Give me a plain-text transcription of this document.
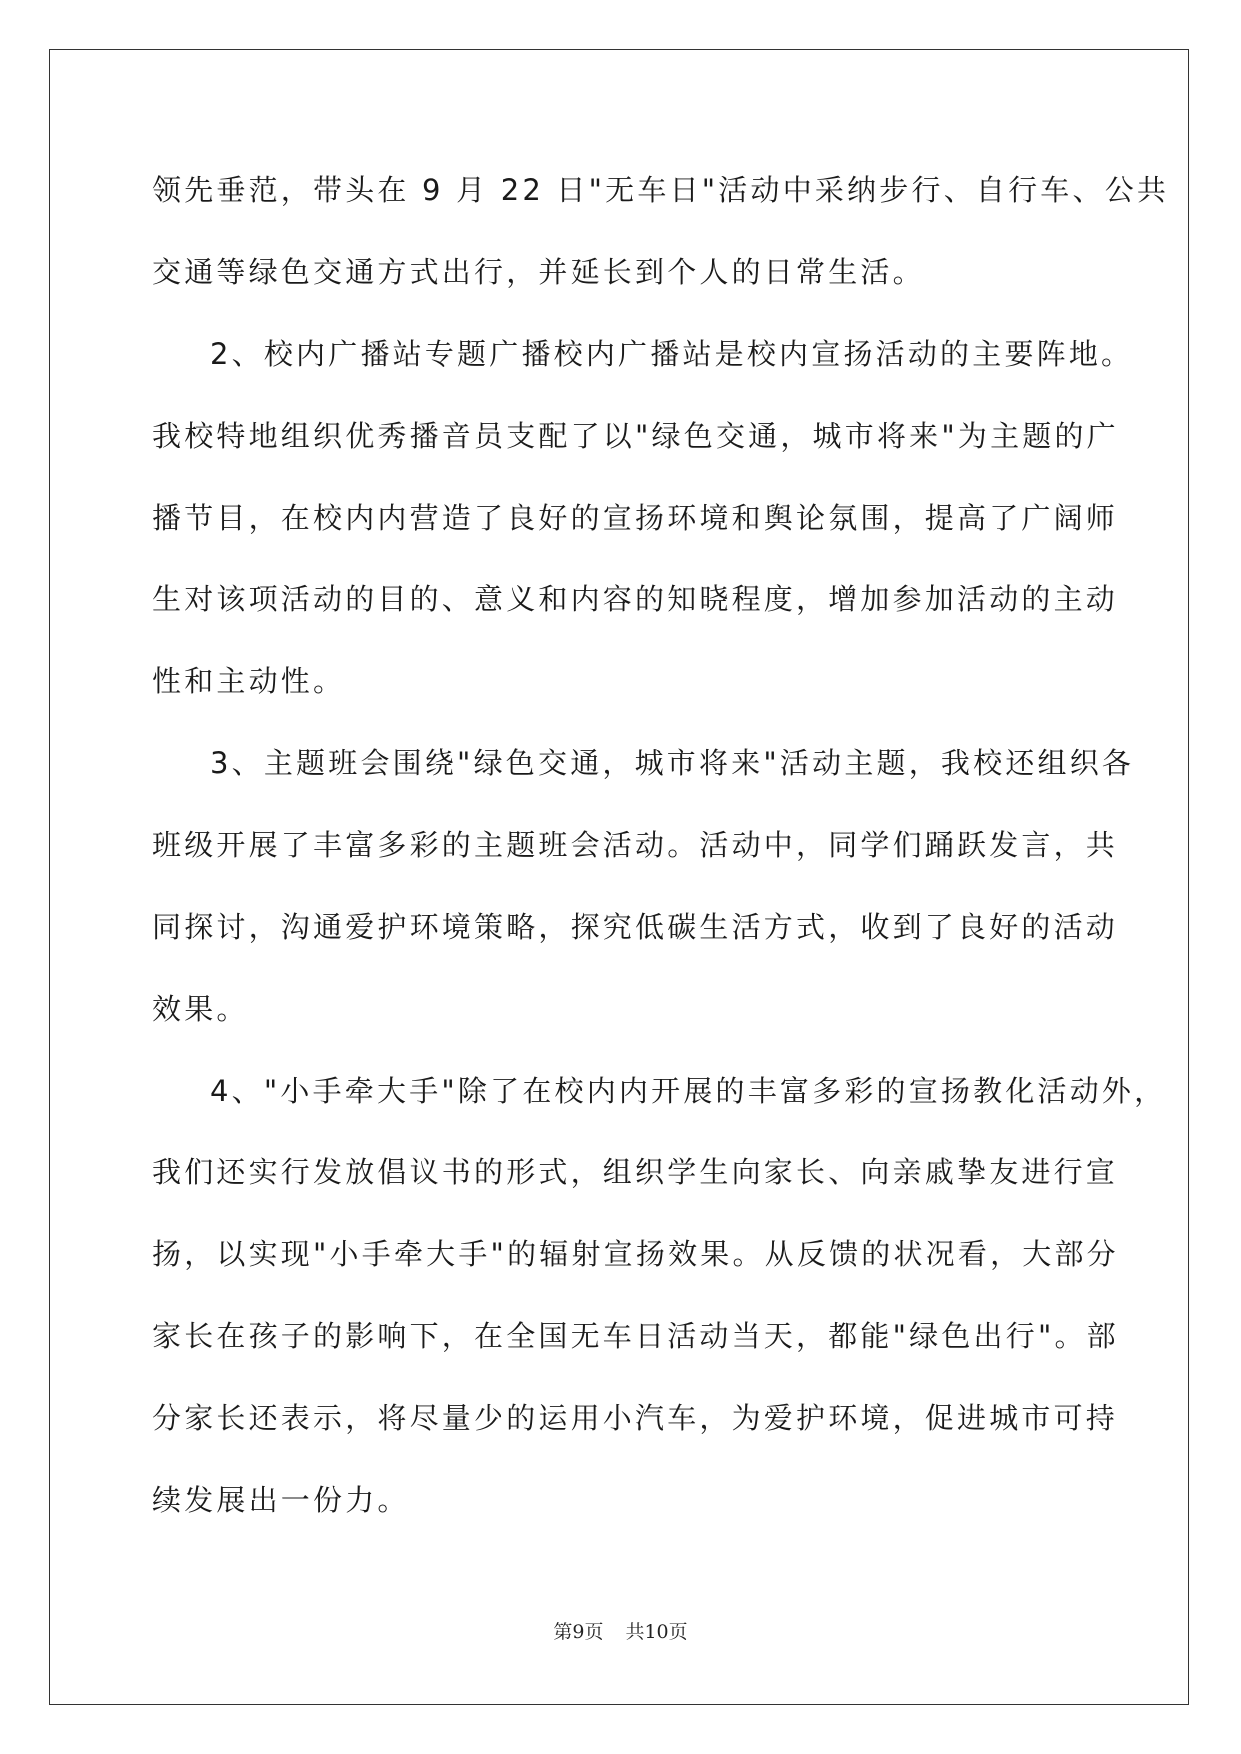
领先垂范，带头在 9 月 22 日"无车日"活动中采纳步行、自行车、公共
交通等绿色交通方式出行，并延长到个人的日常生活。
2、校内广播站专题广播校内广播站是校内宣扬活动的主要阵地。
我校特地组织优秀播音员支配了以"绿色交通，城市将来"为主题的广
播节目，在校内内营造了良好的宣扬环境和舆论氛围，提高了广阔师
生对该项活动的目的、意义和内容的知晓程度，增加参加活动的主动
性和主动性。
3、主题班会围绕"绿色交通，城市将来"活动主题，我校还组织各
班级开展了丰富多彩的主题班会活动。活动中，同学们踊跃发言，共
同探讨，沟通爱护环境策略，探究低碳生活方式，收到了良好的活动
效果。
4、"小手牵大手"除了在校内内开展的丰富多彩的宣扬教化活动外，
我们还实行发放倡议书的形式，组织学生向家长、向亲戚挚友进行宣
扬，以实现"小手牵大手"的辐射宣扬效果。从反馈的状况看，大部分
家长在孩子的影响下，在全国无车日活动当天，都能"绿色出行"。部
分家长还表示，将尽量少的运用小汽车，为爱护环境，促进城市可持
续发展出一份力。
第9页 共10页
